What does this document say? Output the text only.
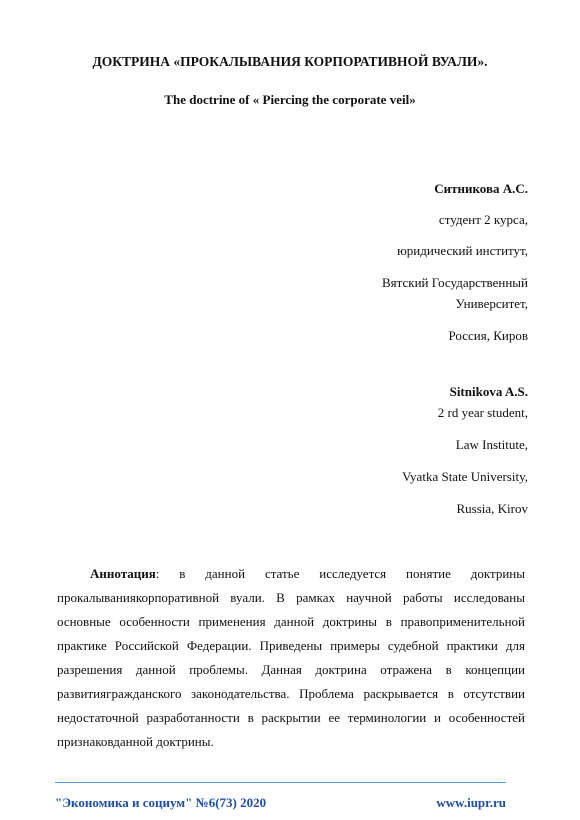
ДОКТРИНА «ПРОКАЛЫВАНИЯ КОРПОРАТИВНОЙ ВУАЛИ».
The doctrine of « Piercing the corporate veil»
Ситникова А.С.
студент 2 курса,
юридический институт,
Вятский Государственный
Университет,
Россия, Киров
Sitnikova A.S.
2 rd year student,
Law Institute,
Vyatka State University,
Russia, Kirov
Аннотация: в данной статье исследуется понятие доктрины прокалываниякорпоративной вуали. В рамках научной работы исследованы основные особенности применения данной доктрины в правоприменительной практике Российской Федерации. Приведены примеры судебной практики для разрешения данной проблемы. Данная доктрина отражена в концепции развитиягражданского законодательства. Проблема раскрывается в отсутствии недостаточной разработанности в раскрытии ее терминологии и особенностей признаковданной доктрины.
"Экономика и социум" №6(73) 2020	www.iupr.ru
